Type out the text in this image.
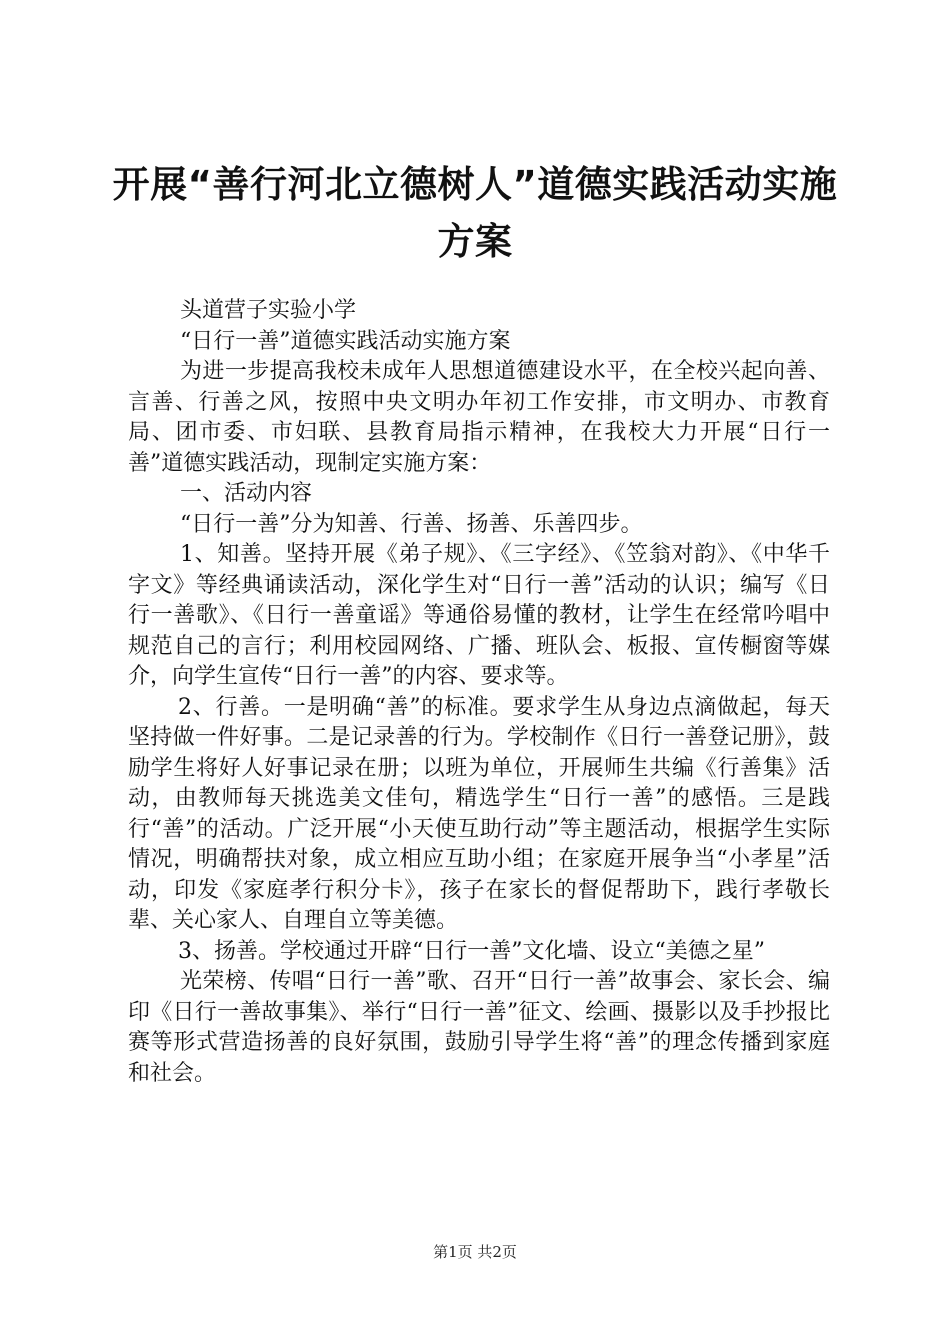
开展“善行河北立德树人”道德实践活动实施方案

头道营子实验小学

“日行一善”道德实践活动实施方案

为进一步提高我校未成年人思想道德建设水平，在全校兴起向善、言善、行善之风，按照中央文明办年初工作安排，市文明办、市教育局、团市委、市妇联、县教育局指示精神，在我校大力开展“日行一善”道德实践活动，现制定实施方案：

一、活动内容

“日行一善”分为知善、行善、扬善、乐善四步。

1、知善。坚持开展《弟子规》、《三字经》、《笠翁对韵》、《中华千字文》等经典诵读活动，深化学生对“日行一善”活动的认识；编写《日行一善歌》、《日行一善童谣》等通俗易懂的教材，让学生在经常吟唱中规范自己的言行；利用校园网络、广播、班队会、板报、宣传橱窗等媒介，向学生宣传“日行一善”的内容、要求等。

2、行善。一是明确“善”的标准。要求学生从身边点滴做起，每天坚持做一件好事。二是记录善的行为。学校制作《日行一善登记册》，鼓励学生将好人好事记录在册；以班为单位，开展师生共编《行善集》活动，由教师每天挑选美文佳句，精选学生“日行一善”的感悟。三是践行“善”的活动。广泛开展“小天使互助行动”等主题活动，根据学生实际情况，明确帮扶对象，成立相应互助小组；在家庭开展争当“小孝星”活动，印发《家庭孝行积分卡》，孩子在家长的督促帮助下，践行孝敬长辈、关心家人、自理自立等美德。

3、扬善。学校通过开辟“日行一善”文化墙、设立“美德之星”

光荣榜、传唱“日行一善”歌、召开“日行一善”故事会、家长会、编印《日行一善故事集》、举行“日行一善”征文、绘画、摄影以及手抄报比赛等形式营造扬善的良好氛围，鼓励引导学生将“善”的理念传播到家庭和社会。

第1页 共2页
